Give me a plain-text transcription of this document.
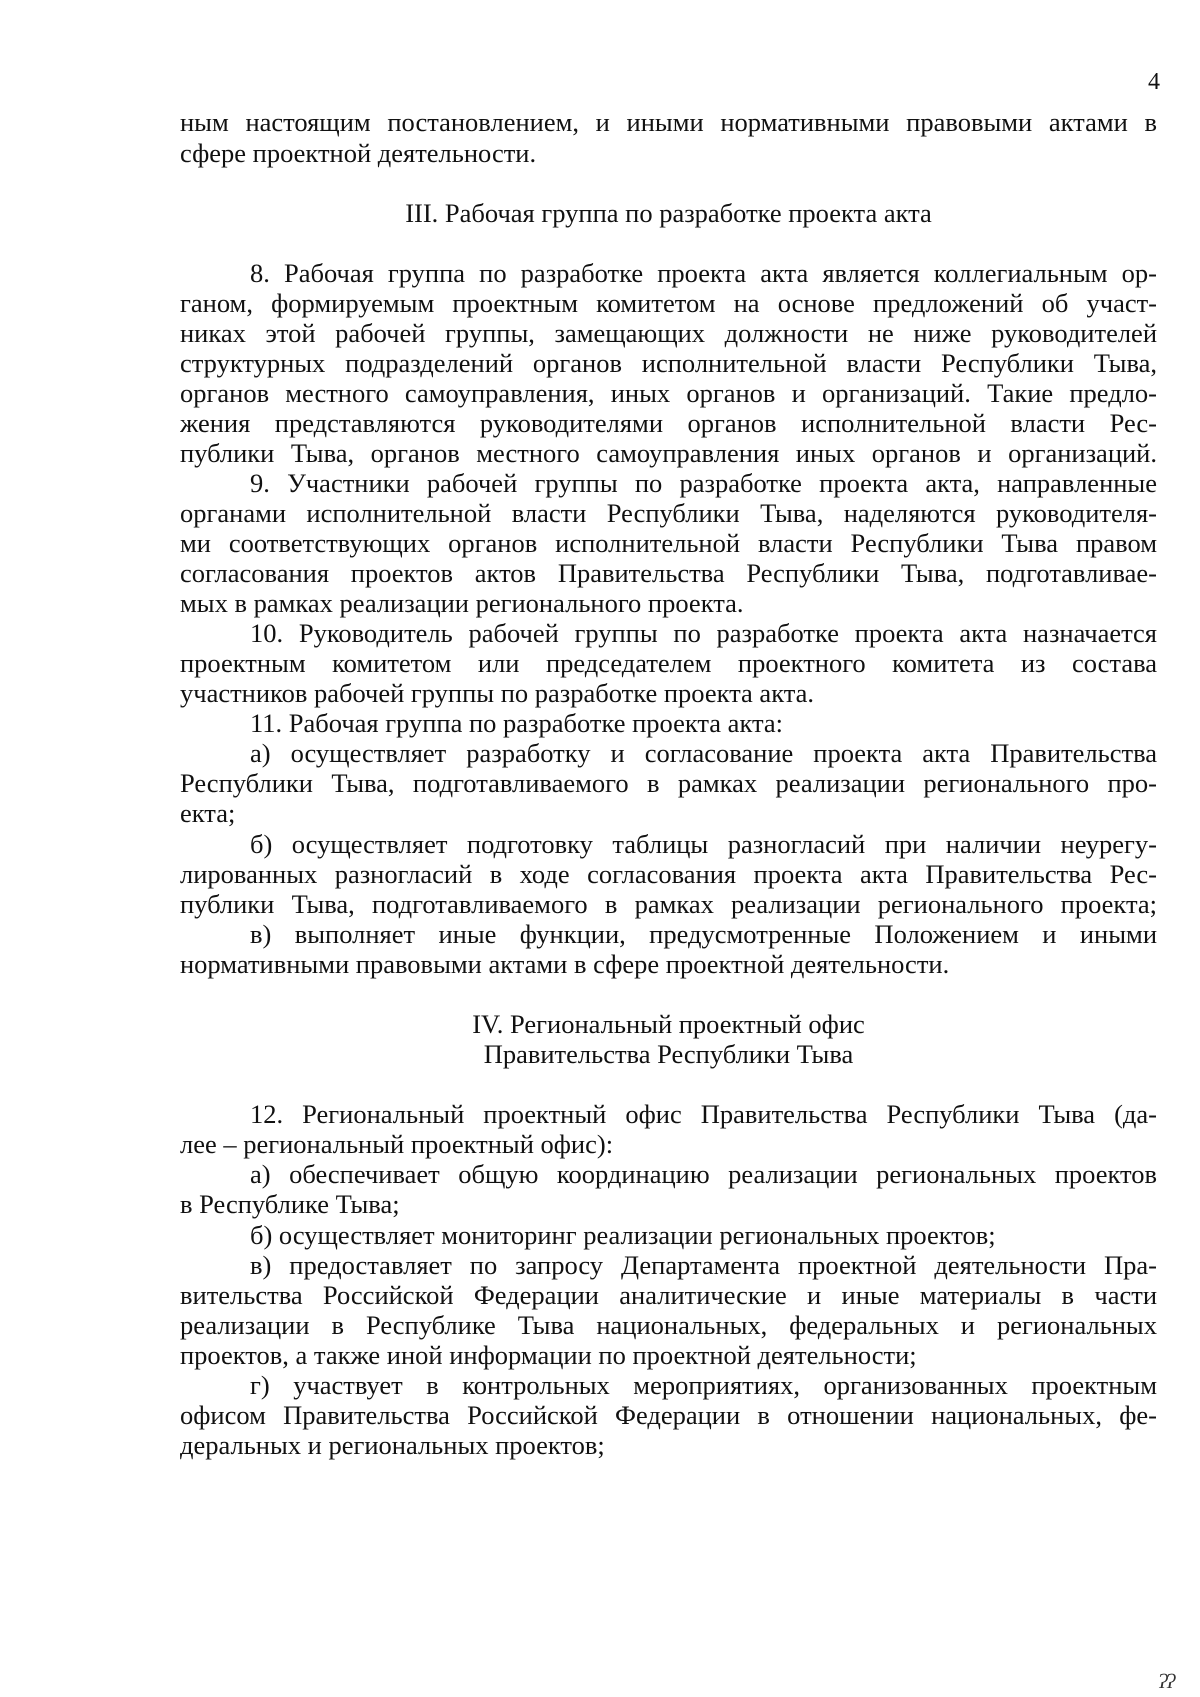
4
ным настоящим постановлением, и иными нормативными правовыми актами в
сфере проектной деятельности.
III. Рабочая группа по разработке проекта акта
8. Рабочая группа по разработке проекта акта является коллегиальным ор-
ганом, формируемым проектным комитетом на основе предложений об участ-
никах этой рабочей группы, замещающих должности не ниже руководителей
структурных подразделений органов исполнительной власти Республики Тыва,
органов местного самоуправления, иных органов и организаций. Такие предло-
жения представляются руководителями органов исполнительной власти Рес-
публики Тыва, органов местного самоуправления иных органов и организаций.
9. Участники рабочей группы по разработке проекта акта, направленные
органами исполнительной власти Республики Тыва, наделяются руководителя-
ми соответствующих органов исполнительной власти Республики Тыва правом
согласования проектов актов Правительства Республики Тыва, подготавливае-
мых в рамках реализации регионального проекта.
10. Руководитель рабочей группы по разработке проекта акта назначается
проектным комитетом или председателем проектного комитета из состава
участников рабочей группы по разработке проекта акта.
11. Рабочая группа по разработке проекта акта:
а) осуществляет разработку и согласование проекта акта Правительства
Республики Тыва, подготавливаемого в рамках реализации регионального про-
екта;
б) осуществляет подготовку таблицы разногласий при наличии неурегу-
лированных разногласий в ходе согласования проекта акта Правительства Рес-
публики Тыва, подготавливаемого в рамках реализации регионального проекта;
в) выполняет иные функции, предусмотренные Положением и иными
нормативными правовыми актами в сфере проектной деятельности.
IV. Региональный проектный офис
Правительства Республики Тыва
12. Региональный проектный офис Правительства Республики Тыва (да-
лее – региональный проектный офис):
а) обеспечивает общую координацию реализации региональных проектов
в Республике Тыва;
б) осуществляет мониторинг реализации региональных проектов;
в) предоставляет по запросу Департамента проектной деятельности Пра-
вительства Российской Федерации аналитические и иные материалы в части
реализации в Республике Тыва национальных, федеральных и региональных
проектов, а также иной информации по проектной деятельности;
г) участвует в контрольных мероприятиях, организованных проектным
офисом Правительства Российской Федерации в отношении национальных, фе-
деральных и региональных проектов;
ɁɁ
